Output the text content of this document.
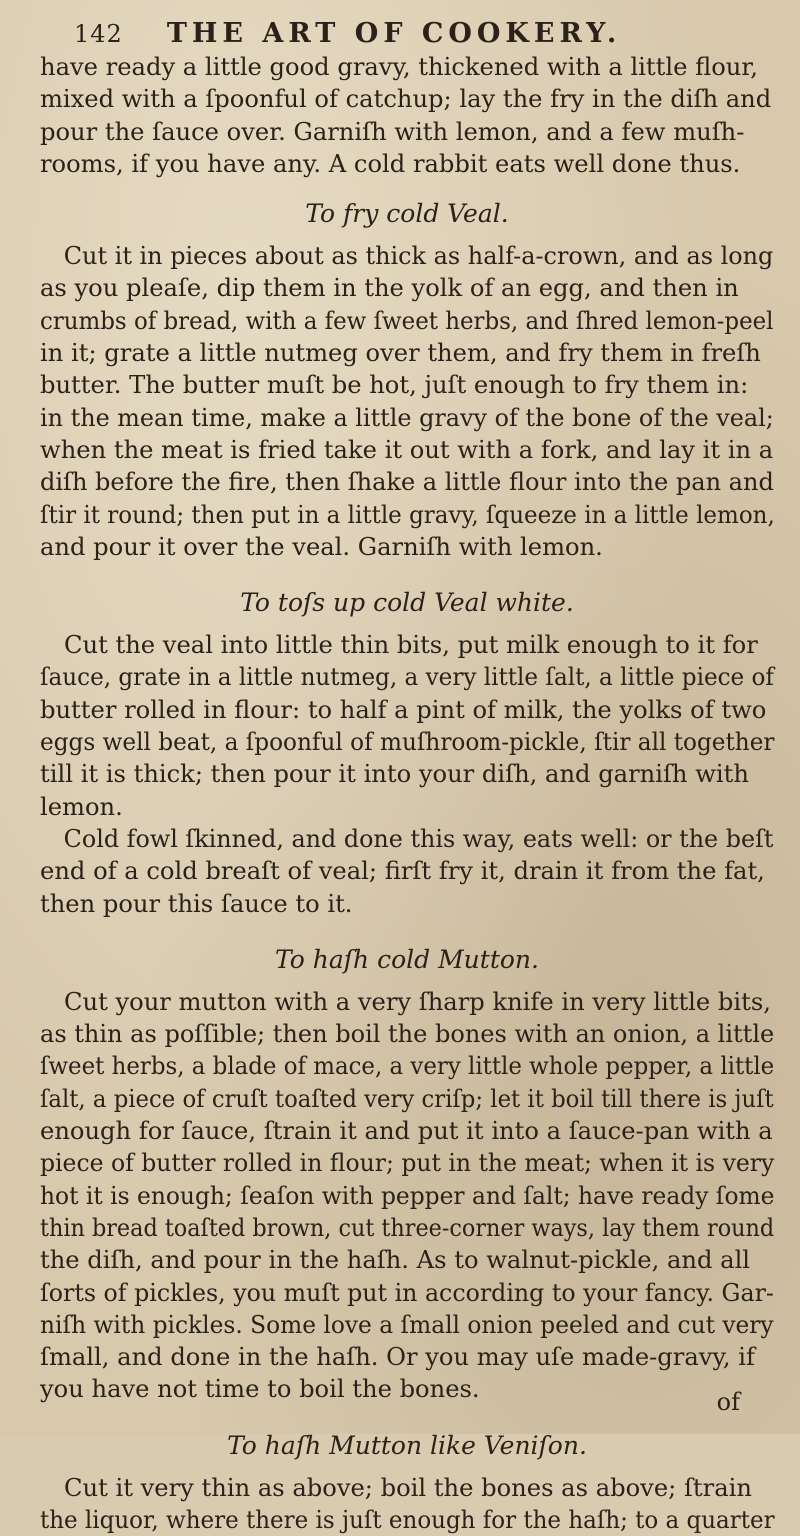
142 THE ART OF COOKERY.

have ready a little good gravy, thickened with a little flour,
mixed with a ſpoonful of catchup; lay the fry in the diſh and
pour the ſauce over. Garniſh with lemon, and a few muſh-
rooms, if you have any. A cold rabbit eats well done thus.

To fry cold Veal.

Cut it in pieces about as thick as half-a-crown, and as long
as you pleaſe, dip them in the yolk of an egg, and then in
crumbs of bread, with a few ſweet herbs, and ſhred lemon-peel
in it; grate a little nutmeg over them, and fry them in freſh
butter. The butter muſt be hot, juſt enough to fry them in:
in the mean time, make a little gravy of the bone of the veal;
when the meat is fried take it out with a fork, and lay it in a
diſh before the fire, then ſhake a little flour into the pan and
ſtir it round; then put in a little gravy, ſqueeze in a little lemon,
and pour it over the veal. Garniſh with lemon.

To toſs up cold Veal white.

Cut the veal into little thin bits, put milk enough to it for
ſauce, grate in a little nutmeg, a very little ſalt, a little piece of
butter rolled in flour: to half a pint of milk, the yolks of two
eggs well beat, a ſpoonful of muſhroom-pickle, ſtir all together
till it is thick; then pour it into your diſh, and garniſh with
lemon.
Cold fowl ſkinned, and done this way, eats well: or the beſt
end of a cold breaſt of veal; firſt fry it, drain it from the fat,
then pour this ſauce to it.

To haſh cold Mutton.

Cut your mutton with a very ſharp knife in very little bits,
as thin as poſſible; then boil the bones with an onion, a little
ſweet herbs, a blade of mace, a very little whole pepper, a little
ſalt, a piece of cruſt toaſted very criſp; let it boil till there is juſt
enough for ſauce, ſtrain it and put it into a ſauce-pan with a
piece of butter rolled in flour; put in the meat; when it is very
hot it is enough; ſeaſon with pepper and ſalt; have ready ſome
thin bread toaſted brown, cut three-corner ways, lay them round
the diſh, and pour in the haſh. As to walnut-pickle, and all
ſorts of pickles, you muſt put in according to your fancy. Gar-
niſh with pickles. Some love a ſmall onion peeled and cut very
ſmall, and done in the haſh. Or you may uſe made-gravy, if
you have not time to boil the bones.

To haſh Mutton like Veniſon.

Cut it very thin as above; boil the bones as above; ſtrain
the liquor, where there is juſt enough for the haſh; to a quarter

of
